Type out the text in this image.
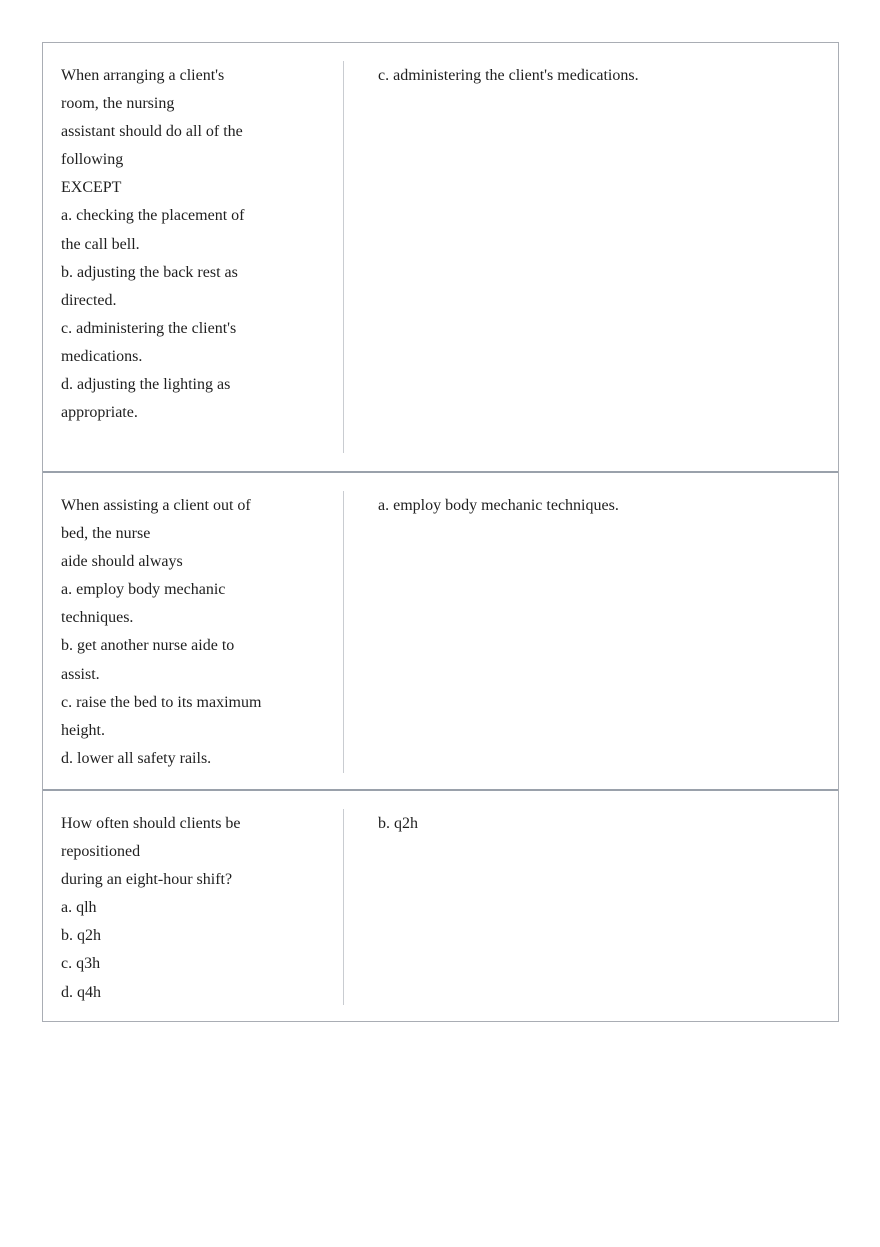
When arranging a client's
room, the nursing
assistant should do all of the
following
EXCEPT
a. checking the placement of
the call bell.
b. adjusting the back rest as
directed.
c. administering the client's
medications.
d. adjusting the lighting as
appropriate.
c. administering the client's medications.
When assisting a client out of
bed, the nurse
aide should always
a. employ body mechanic
techniques.
b. get another nurse aide to
assist.
c. raise the bed to its maximum
height.
d. lower all safety rails.
a. employ body mechanic techniques.
How often should clients be
repositioned
during an eight-hour shift?
a. qlh
b. q2h
c. q3h
d. q4h
b. q2h
